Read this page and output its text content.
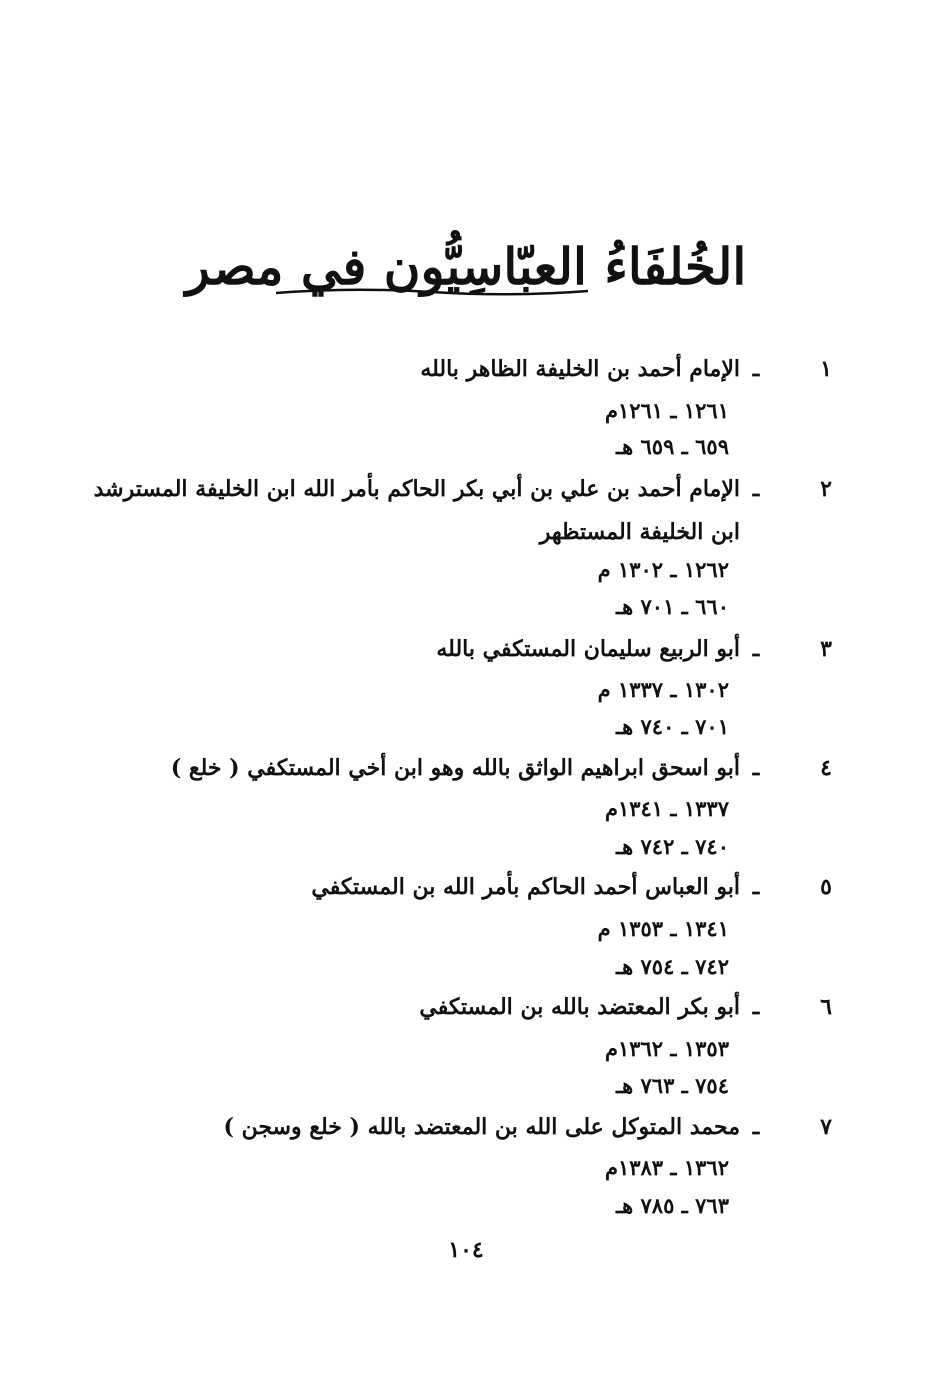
الخُلفَاءُ العبّاسِيُّون في مصر
١
ـ
الإمام أحمد بن الخليفة الظاهر بالله
١٢٦١ ـ ١٢٦١م
٦٥٩ ـ ٦٥٩ هـ
٢
ـ
الإمام أحمد بن علي بن أبي بكر الحاكم بأمر الله ابن الخليفة المسترشد
ابن الخليفة المستظهر
١٢٦٢ ـ ١٣٠٢ م
٦٦٠ ـ ٧٠١ هـ
٣
ـ
أبو الربيع سليمان المستكفي بالله
١٣٠٢ ـ ١٣٣٧ م
٧٠١ ـ ٧٤٠ هـ
٤
ـ
أبو اسحق ابراهيم الواثق بالله وهو ابن أخي المستكفي ( خلع )
١٣٣٧ ـ ١٣٤١م
٧٤٠ ـ ٧٤٢ هـ
٥
ـ
أبو العباس أحمد الحاكم بأمر الله بن المستكفي
١٣٤١ ـ ١٣٥٣ م
٧٤٢ ـ ٧٥٤ هـ
٦
ـ
أبو بكر المعتضد بالله بن المستكفي
١٣٥٣ ـ ١٣٦٢م
٧٥٤ ـ ٧٦٣ هـ
٧
ـ
محمد المتوكل على الله بن المعتضد بالله ( خلع وسجن )
١٣٦٢ ـ ١٣٨٣م
٧٦٣ ـ ٧٨٥ هـ
١٠٤
